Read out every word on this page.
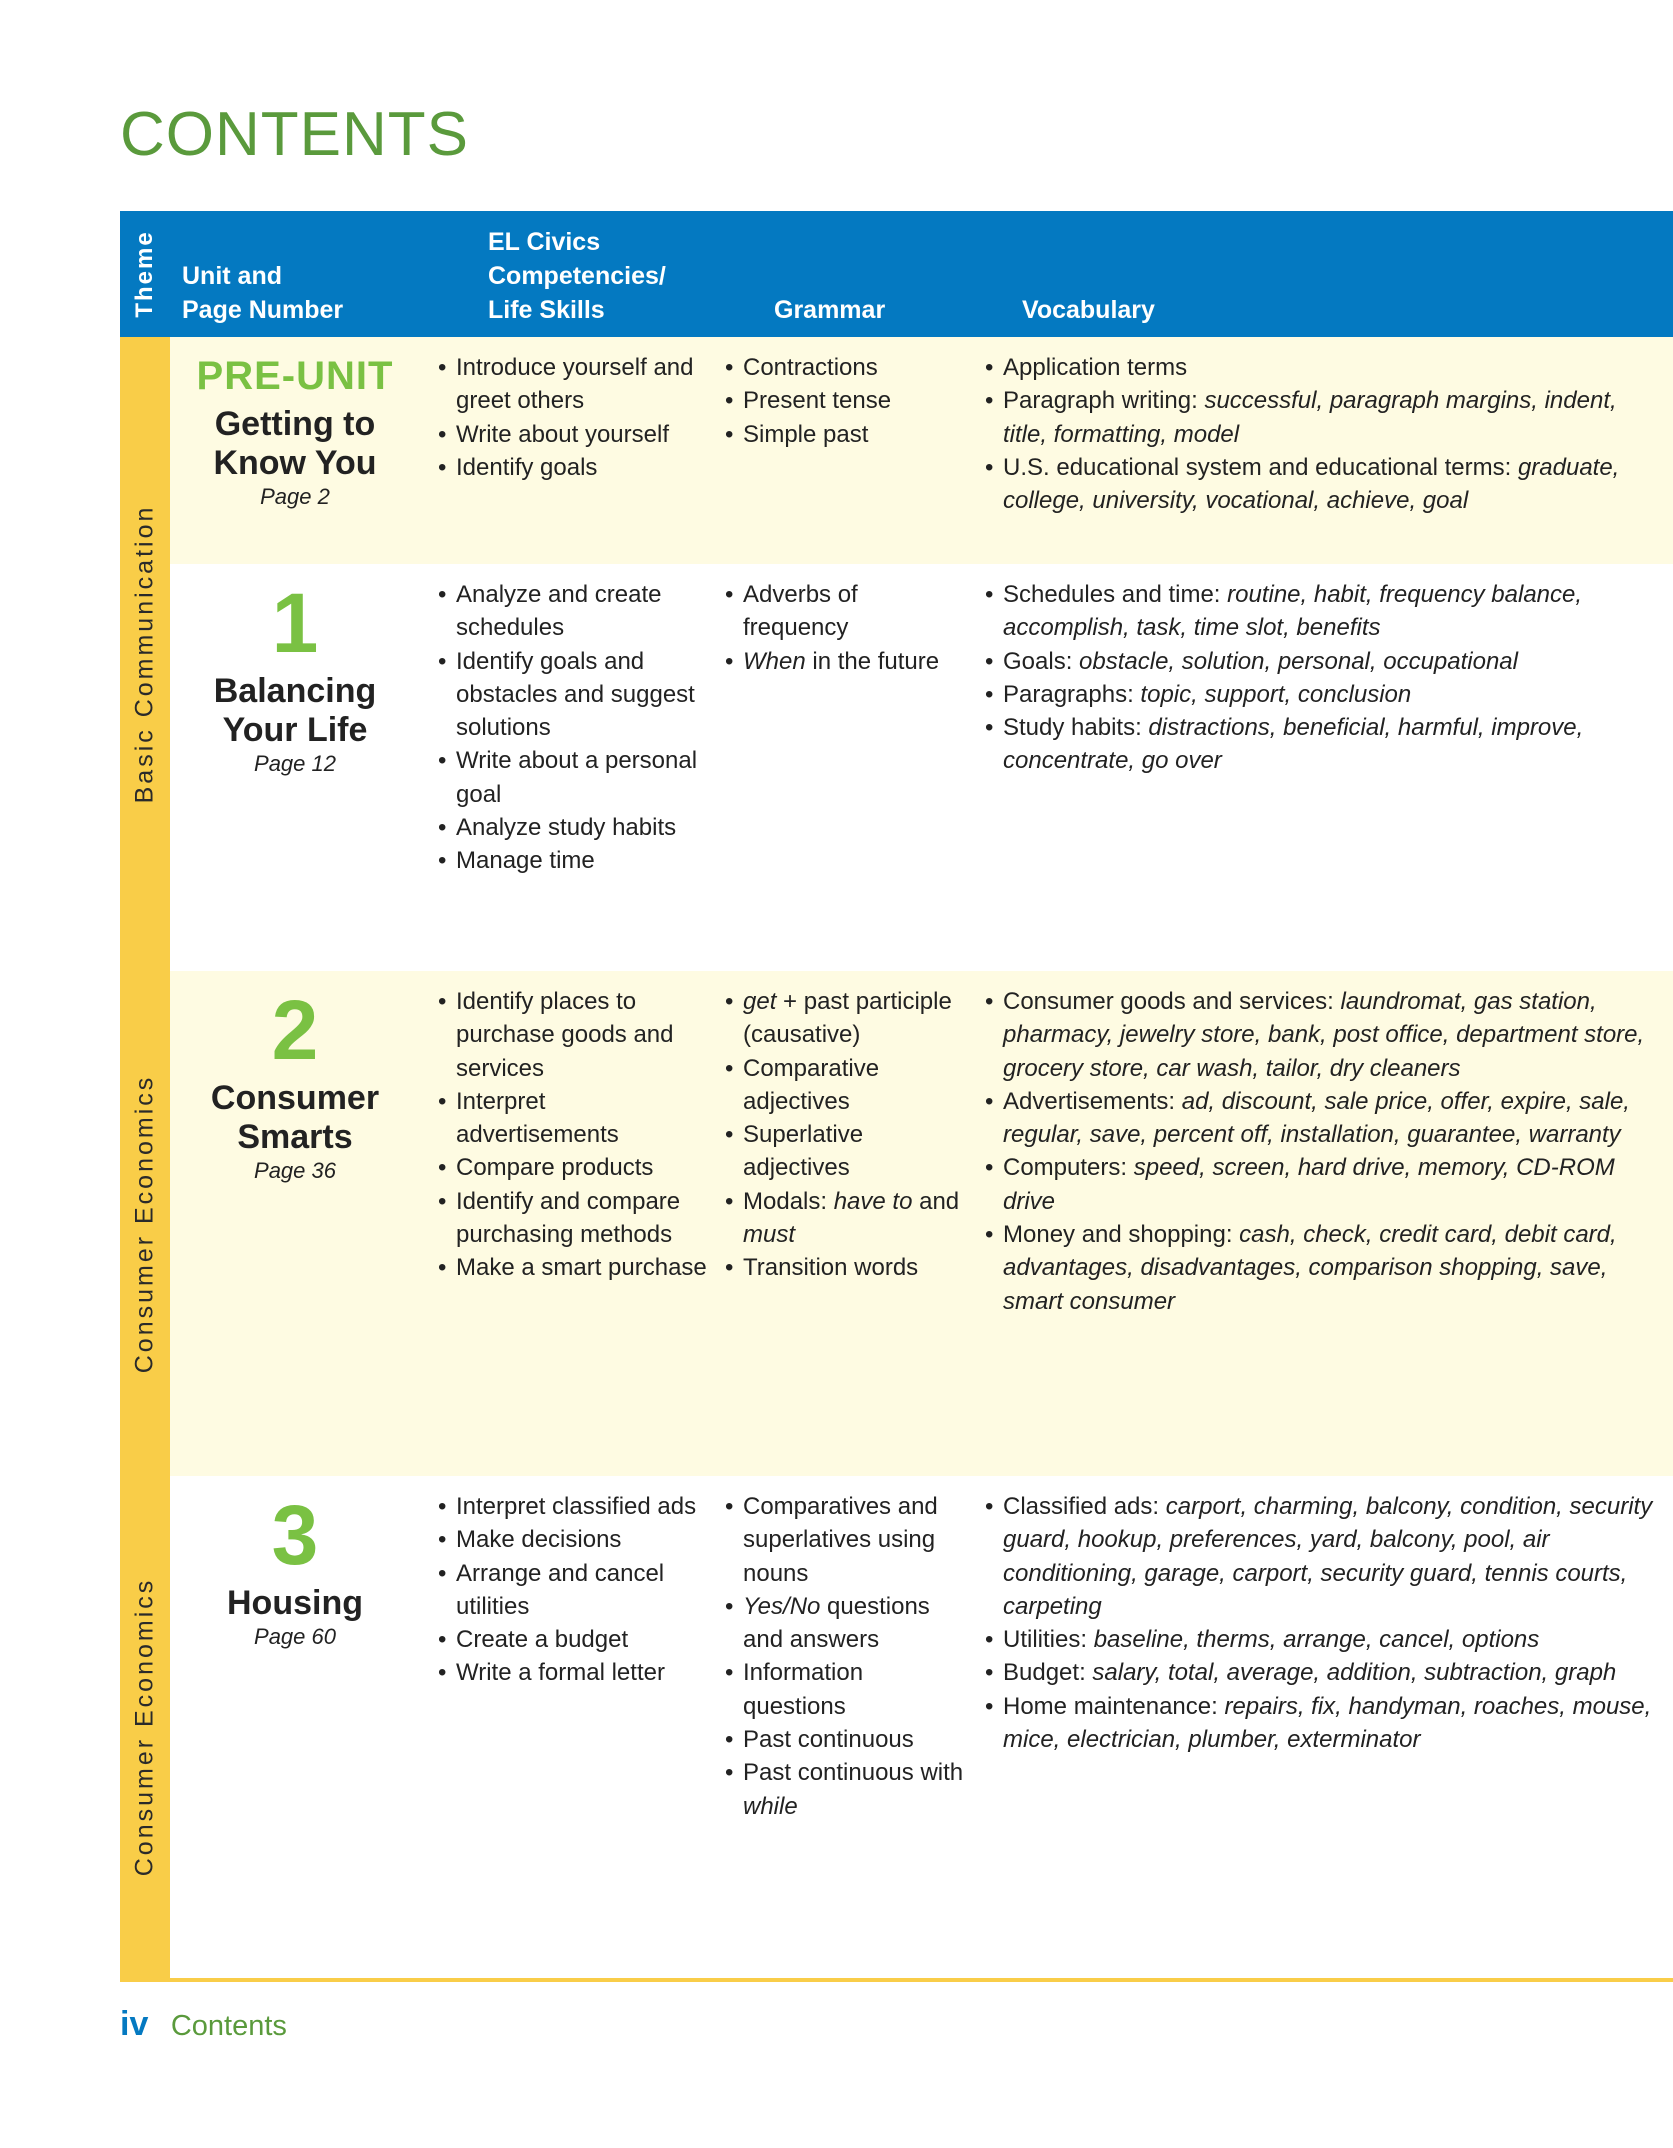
CONTENTS
Theme Unit and
Page Number
EL Civics
Competencies/
Life Skills	Grammar	Vocabulary
Basic Communication
Consumer Economics
Consumer Economics
PRE-UNIT
Getting to
Know You
Page 2
• Introduce yourself and greet others
• Write about yourself
• Identify goals
• Contractions
• Present tense
• Simple past
• Application terms
• Paragraph writing: successful, paragraph margins, indent, title, formatting, model
• U.S. educational system and educational terms: graduate, college, university, vocational, achieve, goal
1
Balancing
Your Life
Page 12
• Analyze and create schedules
• Identify goals and obstacles and suggest solutions
• Write about a personal goal
• Analyze study habits
• Manage time
• Adverbs of frequency
• When in the future
• Schedules and time: routine, habit, frequency balance, accomplish, task, time slot, benefits
• Goals: obstacle, solution, personal, occupational
• Paragraphs: topic, support, conclusion
• Study habits: distractions, beneficial, harmful, improve, concentrate, go over
2
Consumer
Smarts
Page 36
• Identify places to purchase goods and services
• Interpret advertisements
• Compare products
• Identify and compare purchasing methods
• Make a smart purchase
• get + past participle (causative)
• Comparative adjectives
• Superlative adjectives
• Modals: have to and must
• Transition words
• Consumer goods and services: laundromat, gas station, pharmacy, jewelry store, bank, post office, department store, grocery store, car wash, tailor, dry cleaners
• Advertisements: ad, discount, sale price, offer, expire, sale, regular, save, percent off, installation, guarantee, warranty
• Computers: speed, screen, hard drive, memory, CD-ROM drive
• Money and shopping: cash, check, credit card, debit card, advantages, disadvantages, comparison shopping, save, smart consumer
3
Housing
Page 60
• Interpret classified ads
• Make decisions
• Arrange and cancel utilities
• Create a budget
• Write a formal letter
• Comparatives and superlatives using nouns
• Yes/No questions and answers
• Information questions
• Past continuous
• Past continuous with while
• Classified ads: carport, charming, balcony, condition, security guard, hookup, preferences, yard, balcony, pool, air conditioning, garage, carport, security guard, tennis courts, carpeting
• Utilities: baseline, therms, arrange, cancel, options
• Budget: salary, total, average, addition, subtraction, graph
• Home maintenance: repairs, fix, handyman, roaches, mouse, mice, electrician, plumber, exterminator
iv Contents
